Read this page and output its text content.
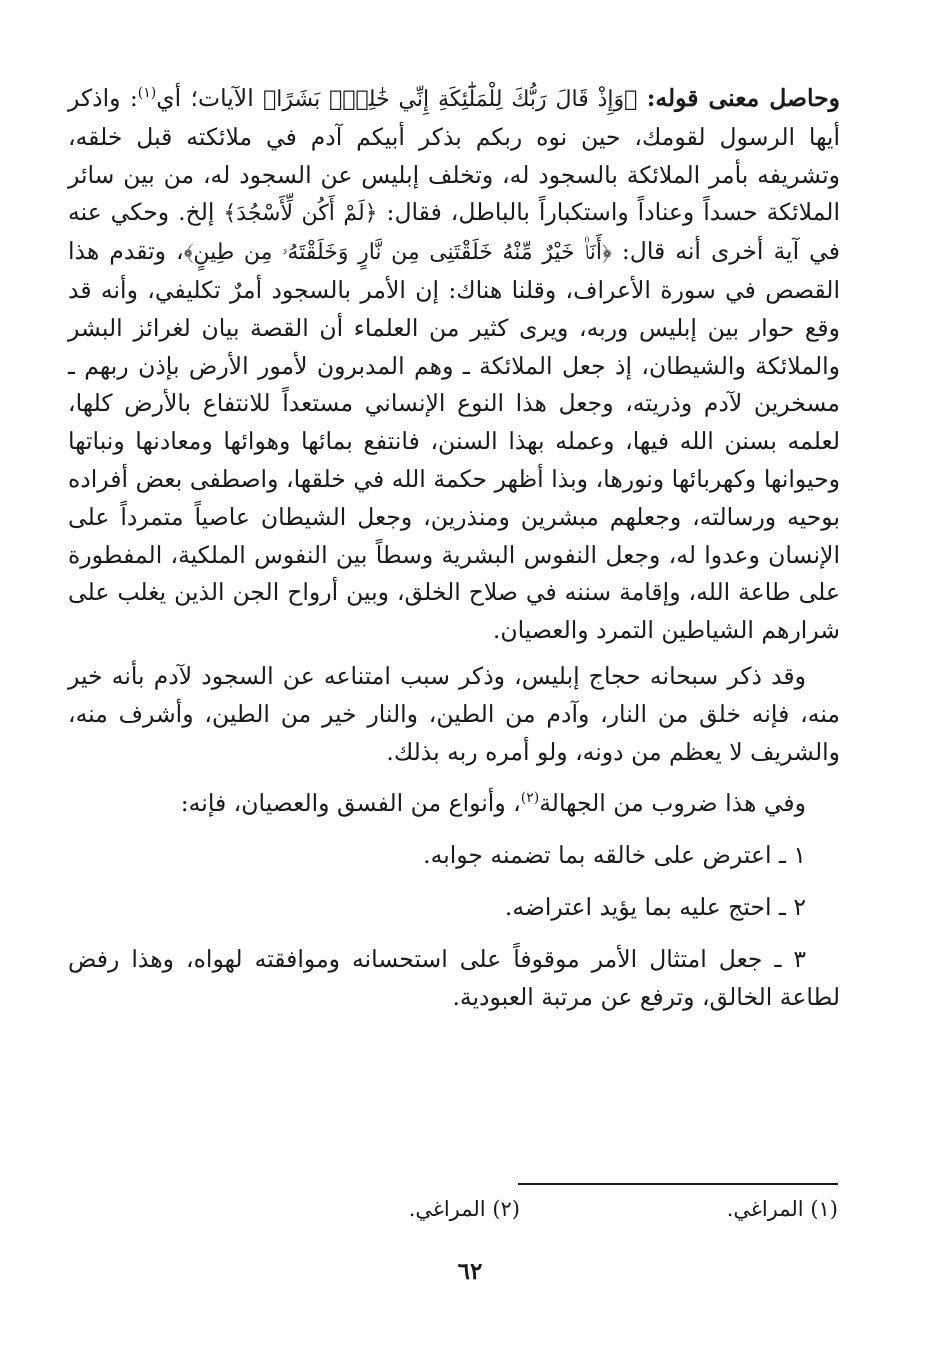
وحاصل معنى قوله: ﴿وَإِذْ قَالَ رَبُّكَ لِلْمَلَٰٓئِكَةِ إِنِّي خَٰلِقٌۢ بَشَرًا﴾ الآيات؛ أي$^{(١)}$: واذكر أيها الرسول لقومك، حين نوه ربكم بذكر أبيكم آدم في ملائكته قبل خلقه، وتشريفه بأمر الملائكة بالسجود له، وتخلف إبليس عن السجود له، من بين سائر الملائكة حسداً وعناداً واستكباراً بالباطل، فقال: ﴿لَمْ أَكُن لِّأَسْجُدَ﴾ إلخ. وحكي عنه في آية أخرى أنه قال: ﴿أَنَا۠ خَيْرٌ مِّنْهُ خَلَقْتَنِى مِن نَّارٍ وَخَلَقْتَهُۥ مِن طِينٍ﴾، وتقدم هذا القصص في سورة الأعراف، وقلنا هناك: إن الأمر بالسجود أمرٌ تكليفي، وأنه قد وقع حوار بين إبليس وربه، ويرى كثير من العلماء أن القصة بيان لغرائز البشر والملائكة والشيطان، إذ جعل الملائكة ـ وهم المدبرون لأمور الأرض بإذن ربهم ـ مسخرين لآدم وذريته، وجعل هذا النوع الإنساني مستعداً للانتفاع بالأرض كلها، لعلمه بسنن الله فيها، وعمله بهذا السنن، فانتفع بمائها وهوائها ومعادنها ونباتها وحيوانها وكهربائها ونورها، وبذا أظهر حكمة الله في خلقها، واصطفى بعض أفراده بوحيه ورسالته، وجعلهم مبشرين ومنذرين، وجعل الشيطان عاصياً متمرداً على الإنسان وعدوا له، وجعل النفوس البشرية وسطاً بين النفوس الملكية، المفطورة على طاعة الله، وإقامة سننه في صلاح الخلق، وبين أرواح الجن الذين يغلب على شرارهم الشياطين التمرد والعصيان.

وقد ذكر سبحانه حجاج إبليس، وذكر سبب امتناعه عن السجود لآدم بأنه خير منه، فإنه خلق من النار، وآدم من الطين، والنار خير من الطين، وأشرف منه، والشريف لا يعظم من دونه، ولو أمره ربه بذلك.

وفي هذا ضروب من الجهالة$^{(٢)}$، وأنواع من الفسق والعصيان، فإنه:

١ ـ اعترض على خالقه بما تضمنه جوابه.

٢ ـ احتج عليه بما يؤيد اعتراضه.

٣ ـ جعل امتثال الأمر موقوفاً على استحسانه وموافقته لهواه، وهذا رفض لطاعة الخالق، وترفع عن مرتبة العبودية.

(١) المراغي. (٢) المراغي.
٦٢
